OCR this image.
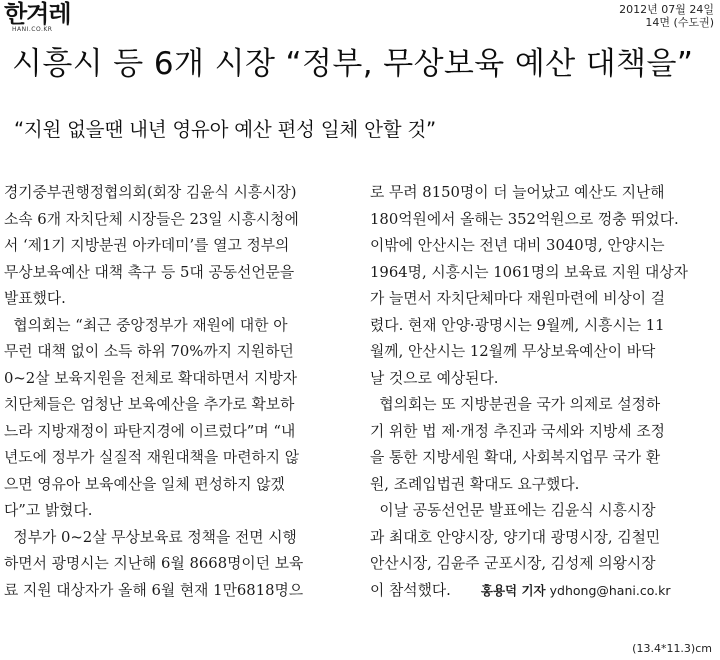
한겨레
HANI.CO.KR
2012년 07월 24일
14면 (수도권)
시흥시 등 6개 시장 “정부, 무상보육 예산 대책을”
“지원 없을땐 내년 영유아 예산 편성 일체 안할 것”
경기중부권행정협의회(회장 김윤식 시흥시장)
소속 6개 자치단체 시장들은 23일 시흥시청에
서 ‘제1기 지방분권 아카데미’를 열고 정부의
무상보육예산 대책 촉구 등 5대 공동선언문을
발표했다.
협의회는 “최근 중앙정부가 재원에 대한 아
무런 대책 없이 소득 하위 70%까지 지원하던
0~2살 보육지원을 전체로 확대하면서 지방자
치단체들은 엄청난 보육예산을 추가로 확보하
느라 지방재정이 파탄지경에 이르렀다”며 “내
년도에 정부가 실질적 재원대책을 마련하지 않
으면 영유아 보육예산을 일체 편성하지 않겠
다”고 밝혔다.
정부가 0~2살 무상보육료 정책을 전면 시행
하면서 광명시는 지난해 6월 8668명이던 보육
료 지원 대상자가 올해 6월 현재 1만6818명으
로 무려 8150명이 더 늘어났고 예산도 지난해
180억원에서 올해는 352억원으로 껑충 뛰었다.
이밖에 안산시는 전년 대비 3040명, 안양시는
1964명, 시흥시는 1061명의 보육료 지원 대상자
가 늘면서 자치단체마다 재원마련에 비상이 걸
렸다. 현재 안양·광명시는 9월께, 시흥시는 11
월께, 안산시는 12월께 무상보육예산이 바닥
날 것으로 예상된다.
협의회는 또 지방분권을 국가 의제로 설정하
기 위한 법 제·개정 추진과 국세와 지방세 조정
을 통한 지방세원 확대, 사회복지업무 국가 환
원, 조례입법권 확대도 요구했다.
이날 공동선언문 발표에는 김윤식 시흥시장
과 최대호 안양시장, 양기대 광명시장, 김철민
안산시장, 김윤주 군포시장, 김성제 의왕시장
이 참석했다. 홍용덕 기자 ydhong@hani.co.kr
(13.4*11.3)cm
